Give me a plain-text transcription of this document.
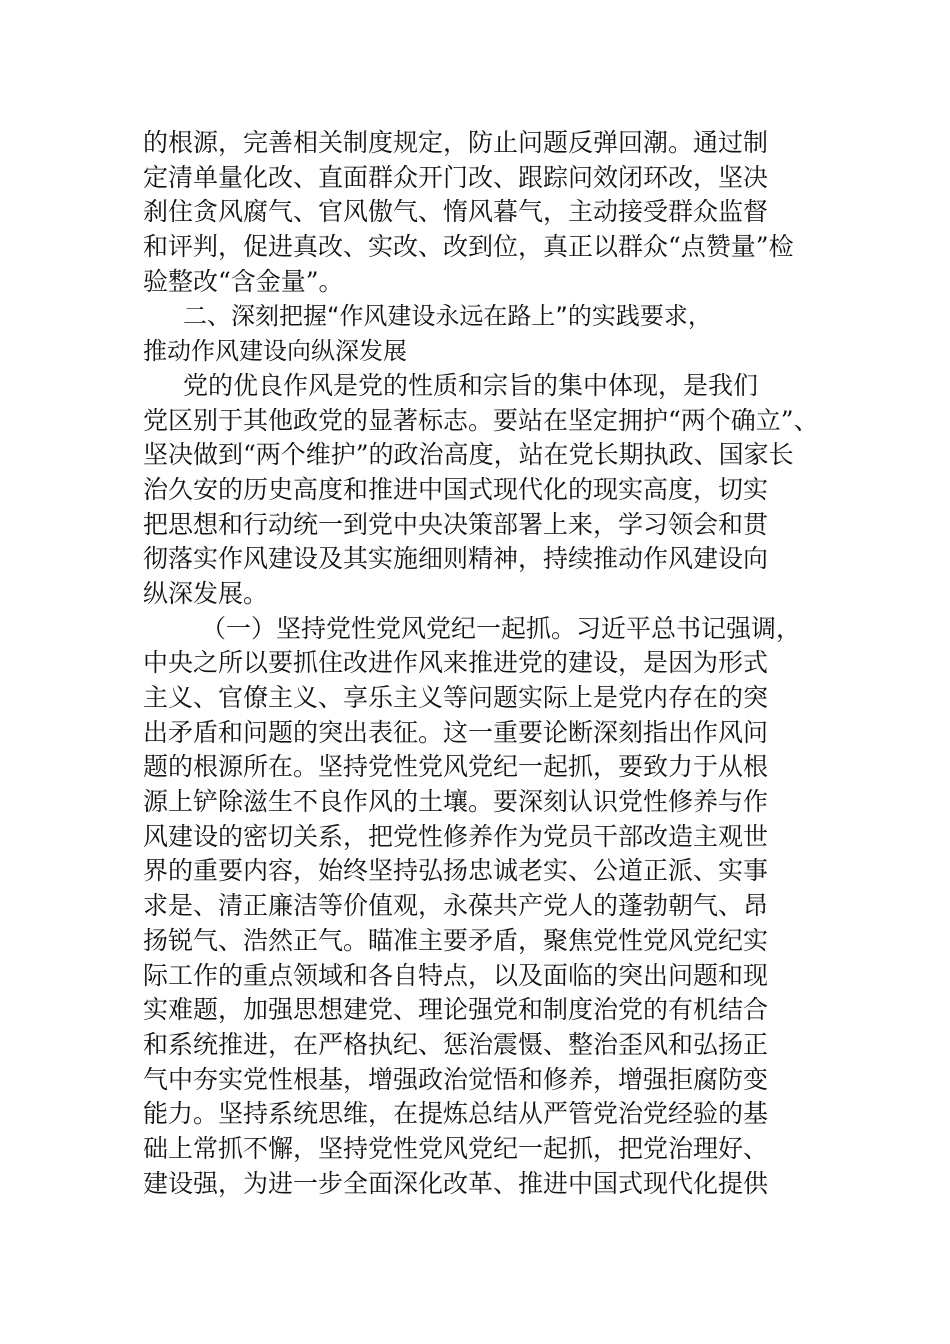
的根源，完善相关制度规定，防止问题反弹回潮。通过制
定清单量化改、直面群众开门改、跟踪问效闭环改，坚决
刹住贪风腐气、官风傲气、惰风暮气，主动接受群众监督
和评判，促进真改、实改、改到位，真正以群众“点赞量”检
验整改“含金量”。
二、深刻把握“作风建设永远在路上”的实践要求，
推动作风建设向纵深发展
党的优良作风是党的性质和宗旨的集中体现，是我们
党区别于其他政党的显著标志。要站在坚定拥护“两个确立”、
坚决做到“两个维护”的政治高度，站在党长期执政、国家长
治久安的历史高度和推进中国式现代化的现实高度，切实
把思想和行动统一到党中央决策部署上来，学习领会和贯
彻落实作风建设及其实施细则精神，持续推动作风建设向
纵深发展。
（一）坚持党性党风党纪一起抓。习近平总书记强调，
中央之所以要抓住改进作风来推进党的建设，是因为形式
主义、官僚主义、享乐主义等问题实际上是党内存在的突
出矛盾和问题的突出表征。这一重要论断深刻指出作风问
题的根源所在。坚持党性党风党纪一起抓，要致力于从根
源上铲除滋生不良作风的土壤。要深刻认识党性修养与作
风建设的密切关系，把党性修养作为党员干部改造主观世
界的重要内容，始终坚持弘扬忠诚老实、公道正派、实事
求是、清正廉洁等价值观，永葆共产党人的蓬勃朝气、昂
扬锐气、浩然正气。瞄准主要矛盾，聚焦党性党风党纪实
际工作的重点领域和各自特点，以及面临的突出问题和现
实难题，加强思想建党、理论强党和制度治党的有机结合
和系统推进，在严格执纪、惩治震慑、整治歪风和弘扬正
气中夯实党性根基，增强政治觉悟和修养，增强拒腐防变
能力。坚持系统思维，在提炼总结从严管党治党经验的基
础上常抓不懈，坚持党性党风党纪一起抓，把党治理好、
建设强，为进一步全面深化改革、推进中国式现代化提供
